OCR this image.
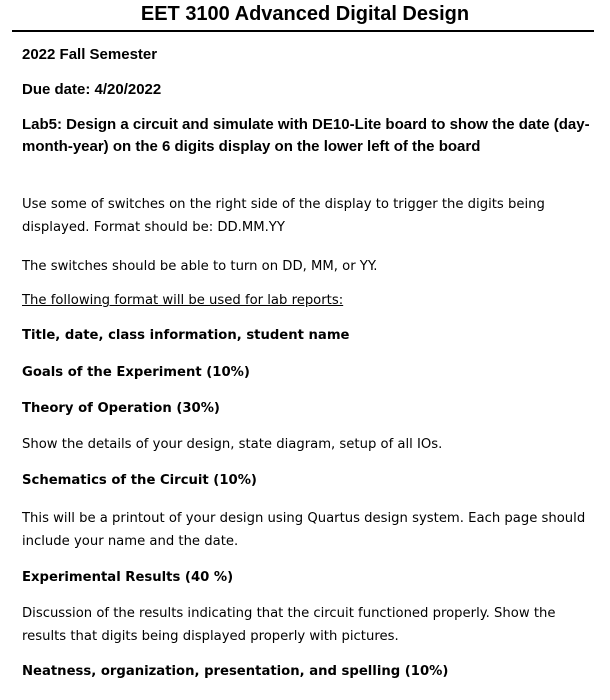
EET 3100 Advanced Digital Design

2022 Fall Semester

Due date: 4/20/2022

Lab5: Design a circuit and simulate with DE10-Lite board to show the date (day-month-year) on the 6 digits display on the lower left of the board

Use some of switches on the right side of the display to trigger the digits being displayed. Format should be: DD.MM.YY

The switches should be able to turn on DD, MM, or YY.

The following format will be used for lab reports:

Title, date, class information, student name

Goals of the Experiment (10%)

Theory of Operation (30%)

Show the details of your design, state diagram, setup of all IOs.

Schematics of the Circuit (10%)

This will be a printout of your design using Quartus design system. Each page should include your name and the date.

Experimental Results (40 %)

Discussion of the results indicating that the circuit functioned properly. Show the results that digits being displayed properly with pictures.

Neatness, organization, presentation, and spelling (10%)
